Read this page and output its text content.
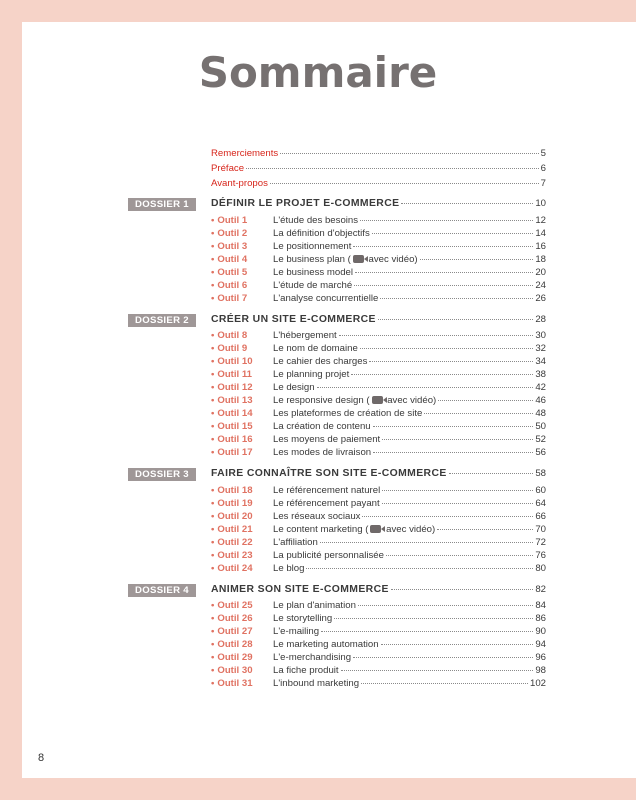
Sommaire
Remerciements	5
Préface	6
Avant-propos	7
DOSSIER 1	DÉFINIR LE PROJET E-COMMERCE	10
• Outil 1	L'étude des besoins	12
• Outil 2	La définition d'objectifs	14
• Outil 3	Le positionnement	16
• Outil 4	Le business plan ( avec vidéo)	18
• Outil 5	Le business model	20
• Outil 6	L'étude de marché	24
• Outil 7	L'analyse concurrentielle	26
DOSSIER 2	CRÉER UN SITE E-COMMERCE	28
• Outil 8	L'hébergement	30
• Outil 9	Le nom de domaine	32
• Outil 10	Le cahier des charges	34
• Outil 11	Le planning projet	38
• Outil 12	Le design	42
• Outil 13	Le responsive design ( avec vidéo)	46
• Outil 14	Les plateformes de création de site	48
• Outil 15	La création de contenu	50
• Outil 16	Les moyens de paiement	52
• Outil 17	Les modes de livraison	56
DOSSIER 3	FAIRE CONNAÎTRE SON SITE E-COMMERCE	58
• Outil 18	Le référencement naturel	60
• Outil 19	Le référencement payant	64
• Outil 20	Les réseaux sociaux	66
• Outil 21	Le content marketing ( avec vidéo)	70
• Outil 22	L'affiliation	72
• Outil 23	La publicité personnalisée	76
• Outil 24	Le blog	80
DOSSIER 4	ANIMER SON SITE E-COMMERCE	82
• Outil 25	Le plan d'animation	84
• Outil 26	Le storytelling	86
• Outil 27	L'e-mailing	90
• Outil 28	Le marketing automation	94
• Outil 29	L'e-merchandising	96
• Outil 30	La fiche produit	98
• Outil 31	L'inbound marketing	102
8
